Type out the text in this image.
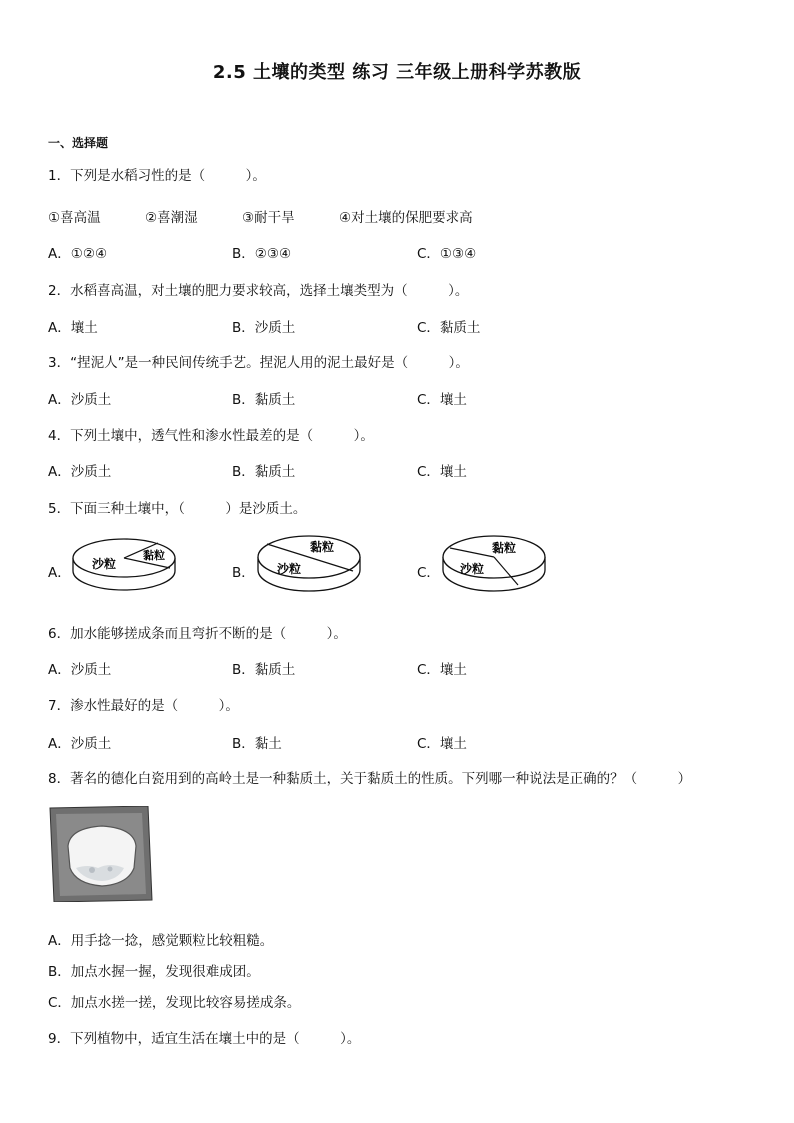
2.5 土壤的类型 练习 三年级上册科学苏教版
一、选择题
1．下列是水稻习性的是（　　　）。
①喜高温	②喜潮湿	③耐干旱	④对土壤的保肥要求高
A．①②④	B．②③④	C．①③④
2．水稻喜高温，对土壤的肥力要求较高，选择土壤类型为（　　　）。
A．壤土	B．沙质土	C．黏质土
3．“捏泥人”是一种民间传统手艺。捏泥人用的泥土最好是（　　　）。
A．沙质土	B．黏质土	C．壤土
4．下列土壤中，透气性和渗水性最差的是（　　　）。
A．沙质土	B．黏质土	C．壤土
5．下面三种土壤中，（　　　）是沙质土。
A．
沙粒
黏粒
B． 沙粒
黏粒
C． 沙粒
黏粒
6．加水能够搓成条而且弯折不断的是（　　　）。
A．沙质土	B．黏质土	C．壤土
7．渗水性最好的是（　　　）。
A．沙质土	B．黏土	C．壤土
8．著名的德化白瓷用到的高岭土是一种黏质土，关于黏质土的性质。下列哪一种说法是正确的？（　　　）
A．用手捻一捻，感觉颗粒比较粗糙。
B．加点水握一握，发现很难成团。
C．加点水搓一搓，发现比较容易搓成条。
9．下列植物中，适宜生活在壤土中的是（　　　）。
